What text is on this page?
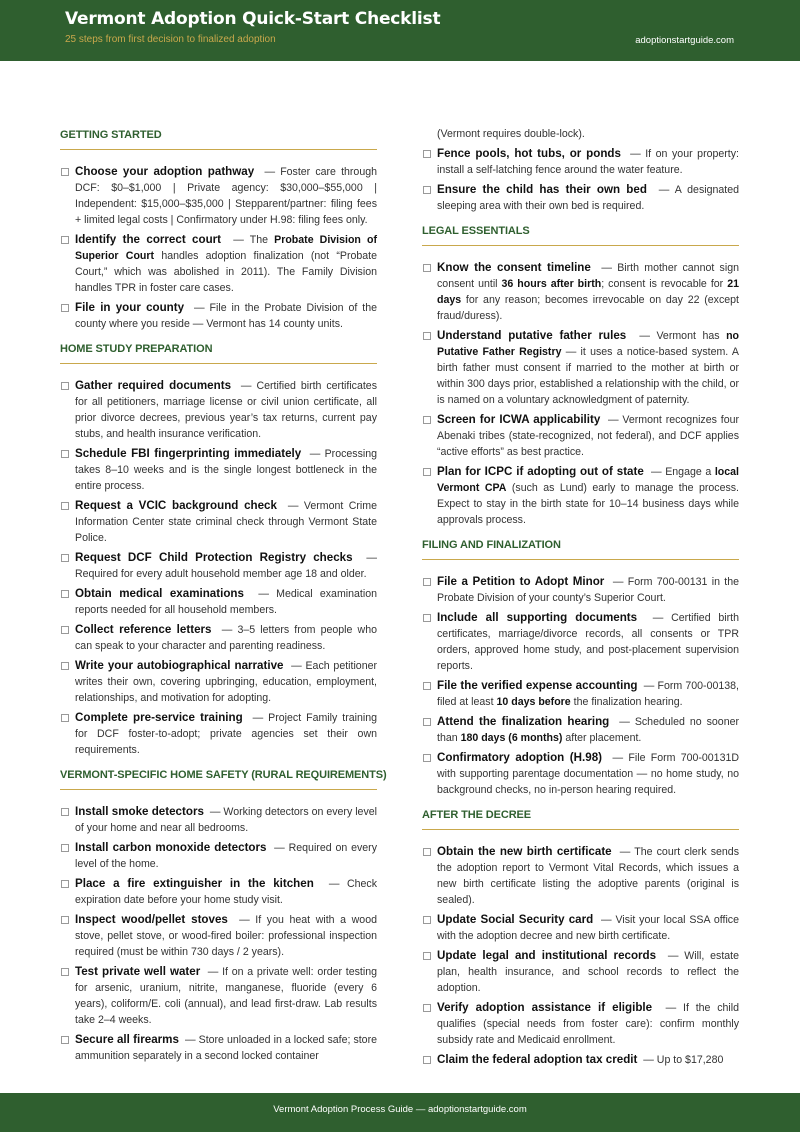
Vermont Adoption Quick-Start Checklist
25 steps from first decision to finalized adoption	adoptionstartguide.com
GETTING STARTED
Choose your adoption pathway — Foster care through DCF: $0–$1,000 | Private agency: $30,000–$55,000 | Independent: $15,000–$35,000 | Stepparent/partner: filing fees + limited legal costs | Confirmatory under H.98: filing fees only.
Identify the correct court — The Probate Division of Superior Court handles adoption finalization (not “Probate Court,” which was abolished in 2011). The Family Division handles TPR in foster care cases.
File in your county — File in the Probate Division of the county where you reside — Vermont has 14 county units.
HOME STUDY PREPARATION
Gather required documents — Certified birth certificates for all petitioners, marriage license or civil union certificate, all prior divorce decrees, previous year’s tax returns, current pay stubs, and health insurance verification.
Schedule FBI fingerprinting immediately — Processing takes 8–10 weeks and is the single longest bottleneck in the entire process.
Request a VCIC background check — Vermont Crime Information Center state criminal check through Vermont State Police.
Request DCF Child Protection Registry checks — Required for every adult household member age 18 and older.
Obtain medical examinations — Medical examination reports needed for all household members.
Collect reference letters — 3–5 letters from people who can speak to your character and parenting readiness.
Write your autobiographical narrative — Each petitioner writes their own, covering upbringing, education, employment, relationships, and motivation for adopting.
Complete pre-service training — Project Family training for DCF foster-to-adopt; private agencies set their own requirements.
VERMONT-SPECIFIC HOME SAFETY (RURAL REQUIREMENTS)
Install smoke detectors — Working detectors on every level of your home and near all bedrooms.
Install carbon monoxide detectors — Required on every level of the home.
Place a fire extinguisher in the kitchen — Check expiration date before your home study visit.
Inspect wood/pellet stoves — If you heat with a wood stove, pellet stove, or wood-fired boiler: professional inspection required (must be within 730 days / 2 years).
Test private well water — If on a private well: order testing for arsenic, uranium, nitrite, manganese, fluoride (every 6 years), coliform/E. coli (annual), and lead first-draw. Lab results take 2–4 weeks.
Secure all firearms — Store unloaded in a locked safe; store ammunition separately in a second locked container
(Vermont requires double-lock).
Fence pools, hot tubs, or ponds — If on your property: install a self-latching fence around the water feature.
Ensure the child has their own bed — A designated sleeping area with their own bed is required.
LEGAL ESSENTIALS
Know the consent timeline — Birth mother cannot sign consent until 36 hours after birth; consent is revocable for 21 days for any reason; becomes irrevocable on day 22 (except fraud/duress).
Understand putative father rules — Vermont has no Putative Father Registry — it uses a notice-based system. A birth father must consent if married to the mother at birth or within 300 days prior, established a relationship with the child, or is named on a voluntary acknowledgment of paternity.
Screen for ICWA applicability — Vermont recognizes four Abenaki tribes (state-recognized, not federal), and DCF applies “active efforts” as best practice.
Plan for ICPC if adopting out of state — Engage a local Vermont CPA (such as Lund) early to manage the process. Expect to stay in the birth state for 10–14 business days while approvals process.
FILING AND FINALIZATION
File a Petition to Adopt Minor — Form 700-00131 in the Probate Division of your county’s Superior Court.
Include all supporting documents — Certified birth certificates, marriage/divorce records, all consents or TPR orders, approved home study, and post-placement supervision reports.
File the verified expense accounting — Form 700-00138, filed at least 10 days before the finalization hearing.
Attend the finalization hearing — Scheduled no sooner than 180 days (6 months) after placement.
Confirmatory adoption (H.98) — File Form 700-00131D with supporting parentage documentation — no home study, no background checks, no in-person hearing required.
AFTER THE DECREE
Obtain the new birth certificate — The court clerk sends the adoption report to Vermont Vital Records, which issues a new birth certificate listing the adoptive parents (original is sealed).
Update Social Security card — Visit your local SSA office with the adoption decree and new birth certificate.
Update legal and institutional records — Will, estate plan, health insurance, and school records to reflect the adoption.
Verify adoption assistance if eligible — If the child qualifies (special needs from foster care): confirm monthly subsidy rate and Medicaid enrollment.
Claim the federal adoption tax credit — Up to $17,280
Vermont Adoption Process Guide — adoptionstartguide.com
